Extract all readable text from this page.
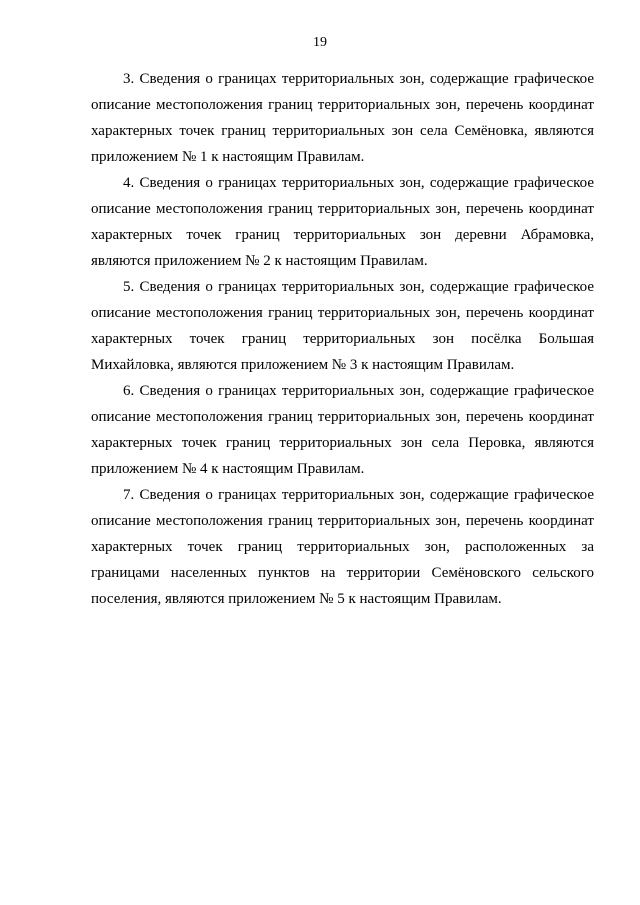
19

3. Сведения о границах территориальных зон, содержащие графическое описание местоположения границ территориальных зон, перечень координат характерных точек границ территориальных зон села Семёновка, являются приложением № 1 к настоящим Правилам.

4. Сведения о границах территориальных зон, содержащие графическое описание местоположения границ территориальных зон, перечень координат характерных точек границ территориальных зон деревни Абрамовка, являются приложением № 2 к настоящим Правилам.

5. Сведения о границах территориальных зон, содержащие графическое описание местоположения границ территориальных зон, перечень координат характерных точек границ территориальных зон посёлка Большая Михайловка, являются приложением № 3 к настоящим Правилам.

6. Сведения о границах территориальных зон, содержащие графическое описание местоположения границ территориальных зон, перечень координат характерных точек границ территориальных зон села Перовка, являются приложением № 4 к настоящим Правилам.

7. Сведения о границах территориальных зон, содержащие графическое описание местоположения границ территориальных зон, перечень координат характерных точек границ территориальных зон, расположенных за границами населенных пунктов на территории Семёновского сельского поселения, являются приложением № 5 к настоящим Правилам.
